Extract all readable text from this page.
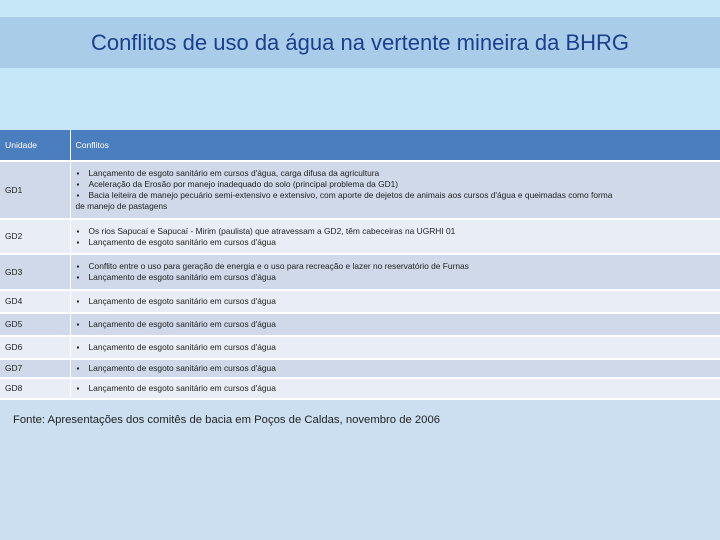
Conflitos de uso da água na vertente mineira da BHRG
Unidade	Conflitos
GD1	▪ Lançamento de esgoto sanitário em cursos d'água, carga difusa da agricultura
▪ Aceleração da Erosão por manejo inadequado do solo (principal problema da GD1)
▪ Bacia leiteira de manejo pecuário semi-extensivo e extensivo, com aporte de dejetos de animais aos cursos d'água e queimadas como forma
de manejo de pastagens

GD2	▪ Os rios Sapucaí e Sapucaí - Mirim (paulista) que atravessam a GD2, têm cabeceiras na UGRHI 01
▪ Lançamento de esgoto sanitário em cursos d'água

GD3	▪ Conflito entre o uso para geração de energia e o uso para recreação e lazer no reservatório de Furnas
▪ Lançamento de esgoto sanitário em cursos d'água

GD4	▪ Lançamento de esgoto sanitário em cursos d'água

GD5	▪ Lançamento de esgoto sanitário em cursos d'água

GD6	▪ Lançamento de esgoto sanitário em cursos d'água

GD7	▪ Lançamento de esgoto sanitário em cursos d'água

GD8	▪ Lançamento de esgoto sanitário em cursos d'água
Fonte: Apresentações dos comitês de bacia em Poços de Caldas, novembro de 2006
